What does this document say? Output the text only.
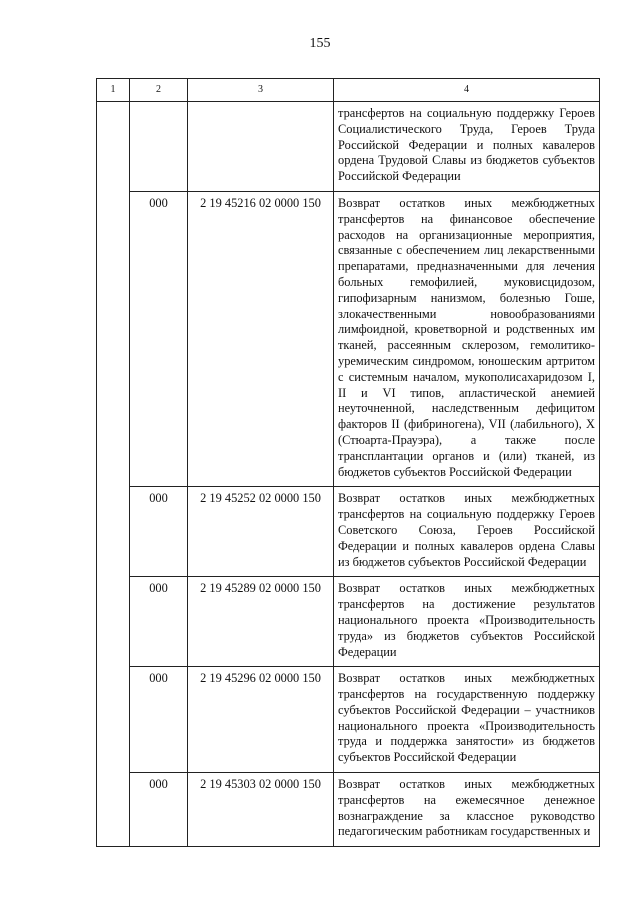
155
1	2	3	4
			трансфертов на социальную поддержку Героев Социалистического Труда, Героев Труда Российской Федерации и полных кавалеров ордена Трудовой Славы из бюджетов субъектов Российской Федерации
	000	2 19 45216 02 0000 150	Возврат остатков иных межбюджетных трансфертов на финансовое обеспечение расходов на организационные мероприятия, связанные с обеспечением лиц лекарственными препаратами, предназначенными для лечения больных гемофилией, муковисцидозом, гипофизарным нанизмом, болезнью Гоше, злокачественными новообразованиями лимфоидной, кроветворной и родственных им тканей, рассеянным склерозом, гемолитико-уремическим синдромом, юношеским артритом с системным началом, мукополисахаридозом I, II и VI типов, апластической анемией неуточненной, наследственным дефицитом факторов II (фибриногена), VII (лабильного), X (Стюарта-Прауэра), а также после трансплантации органов и (или) тканей, из бюджетов субъектов Российской Федерации
	000	2 19 45252 02 0000 150	Возврат остатков иных межбюджетных трансфертов на социальную поддержку Героев Советского Союза, Героев Российской Федерации и полных кавалеров ордена Славы из бюджетов субъектов Российской Федерации
	000	2 19 45289 02 0000 150	Возврат остатков иных межбюджетных трансфертов на достижение результатов национального проекта «Производительность труда» из бюджетов субъектов Российской Федерации
	000	2 19 45296 02 0000 150	Возврат остатков иных межбюджетных трансфертов на государственную поддержку субъектов Российской Федерации – участников национального проекта «Производительность труда и поддержка занятости» из бюджетов субъектов Российской Федерации
	000	2 19 45303 02 0000 150	Возврат остатков иных межбюджетных трансфертов на ежемесячное денежное вознаграждение за классное руководство педагогическим работникам государственных и
